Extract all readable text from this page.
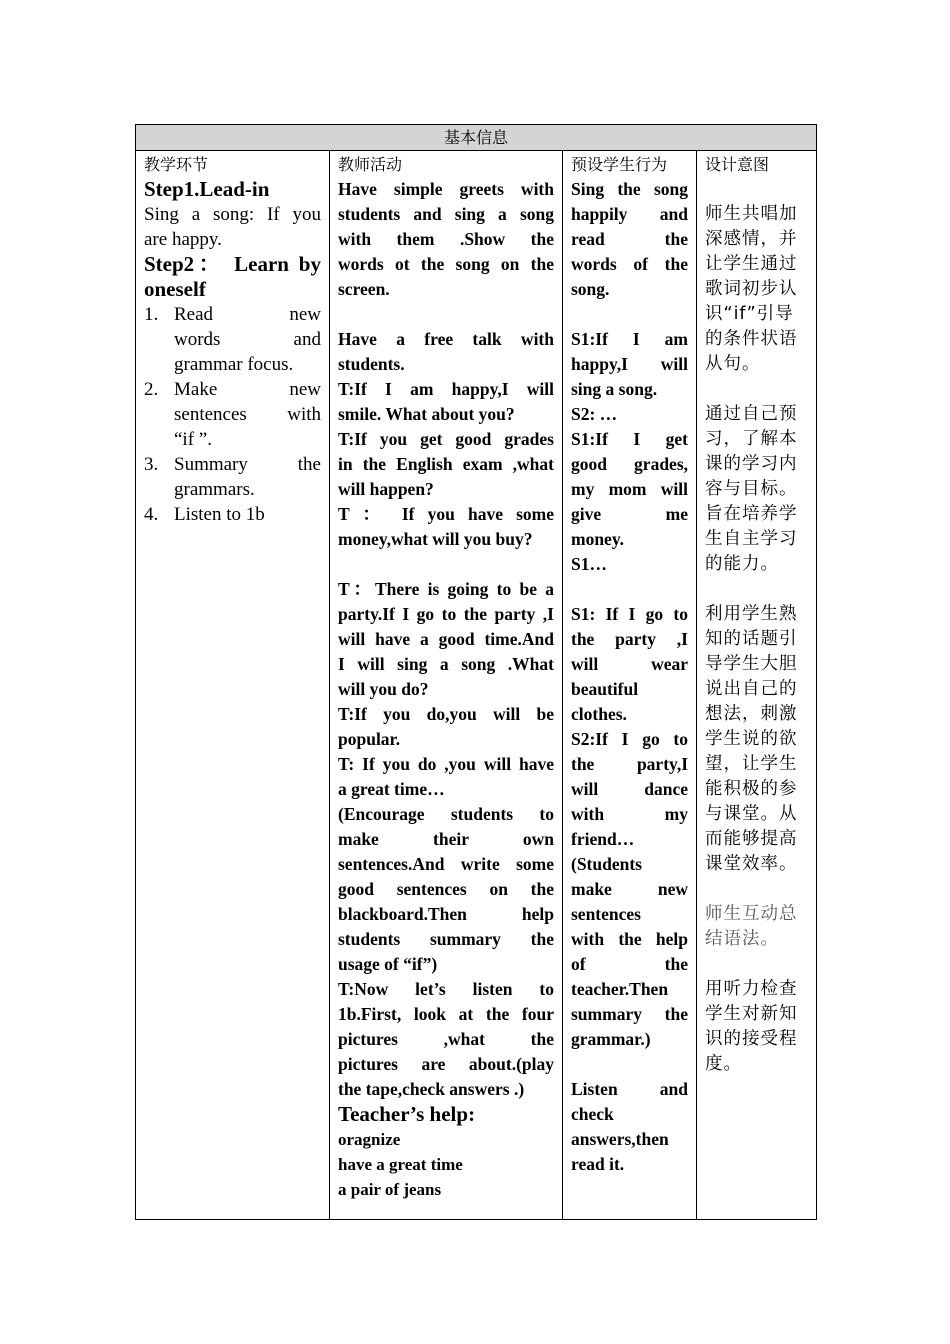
基本信息

教学环节
Step1.Lead-in
Sing a song: If you
are happy.
Step2： Learn by
oneself
1. Read new
words and
grammar focus.
2. Make new
sentences with
“if ”.
3. Summary the
grammars.
4. Listen to 1b

教师活动
Have simple greets with
students and sing a song
with them .Show the
words ot the song on the
screen.
Have a free talk with
students.
T:If I am happy,I will
smile. What about you?
T:If you get good grades
in the English exam ,what
will happen?
T ： If you have some
money,what will you buy?
T：There is going to be a
party.If I go to the party ,I
will have a good time.And
I will sing a song .What
will you do?
T:If you do,you will be
popular.
T: If you do ,you will have
a great time…
(Encourage students to
make their own
sentences.And write some
good sentences on the
blackboard.Then help
students summary the
usage of “if”)
T:Now let’s listen to
1b.First, look at the four
pictures ,what the
pictures are about.(play
the tape,check answers .)
Teacher’s help:
oragnize
have a great time
a pair of jeans

预设学生行为
Sing the song
happily and
read the
words of the
song.
S1:If I am
happy,I will
sing a song.
S2: …
S1:If I get
good grades,
my mom will
give me
money.
S1…
S1: If I go to
the party ,I
will wear
beautiful
clothes.
S2:If I go to
the party,I
will dance
with my
friend…
(Students
make new
sentences
with the help
of the
teacher.Then
summary the
grammar.)
Listen and
check
answers,then
read it.

设计意图
师生共唱加
深感情，并
让学生通过
歌词初步认
识“if”引导
的条件状语
从句。
通过自己预
习，了解本
课的学习内
容与目标。
旨在培养学
生自主学习
的能力。
利用学生熟
知的话题引
导学生大胆
说出自己的
想法，刺激
学生说的欲
望，让学生
能积极的参
与课堂。从
而能够提高
课堂效率。
师生互动总
结语法。
用听力检查
学生对新知
识的接受程
度。
